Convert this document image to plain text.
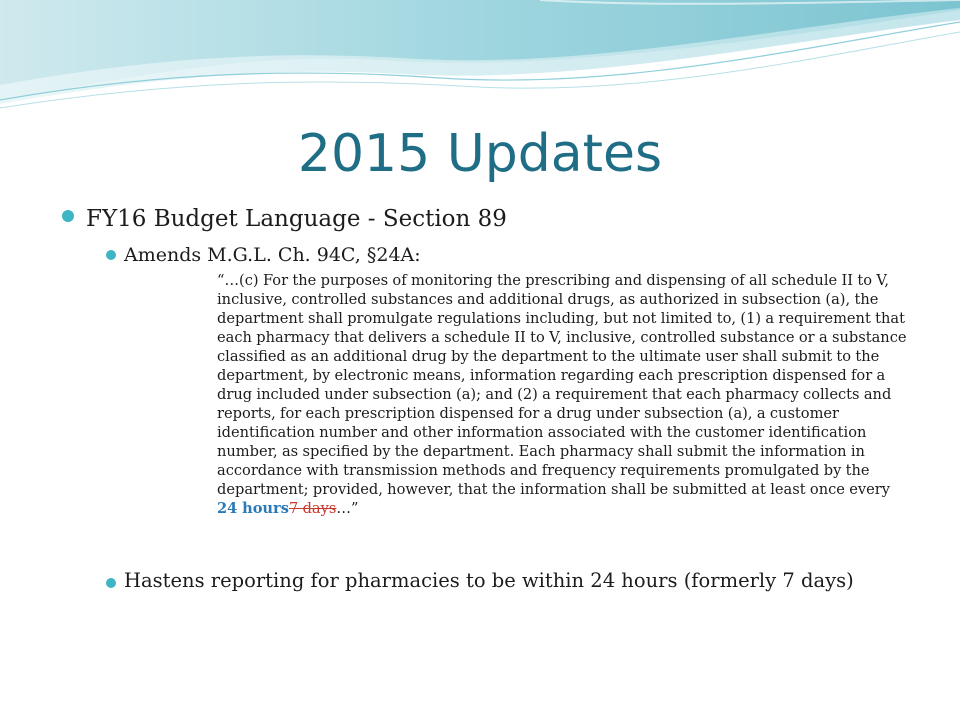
2015 Updates
FY16 Budget Language - Section 89
Amends M.G.L. Ch. 94C, §24A:
“…(c) For the purposes of monitoring the prescribing and dispensing of all schedule II to V, inclusive, controlled substances and additional drugs, as authorized in subsection (a), the department shall promulgate regulations including, but not limited to, (1) a requirement that each pharmacy that delivers a schedule II to V, inclusive, controlled substance or a substance classified as an additional drug by the department to the ultimate user shall submit to the department, by electronic means, information regarding each prescription dispensed for a drug included under subsection (a); and (2) a requirement that each pharmacy collects and reports, for each prescription dispensed for a drug under subsection (a), a customer identification number and other information associated with the customer identification number, as specified by the department. Each pharmacy shall submit the information in accordance with transmission methods and frequency requirements promulgated by the department; provided, however, that the information shall be submitted at least once every 24 hours7 days…”
Hastens reporting for pharmacies to be within 24 hours (formerly 7 days)
